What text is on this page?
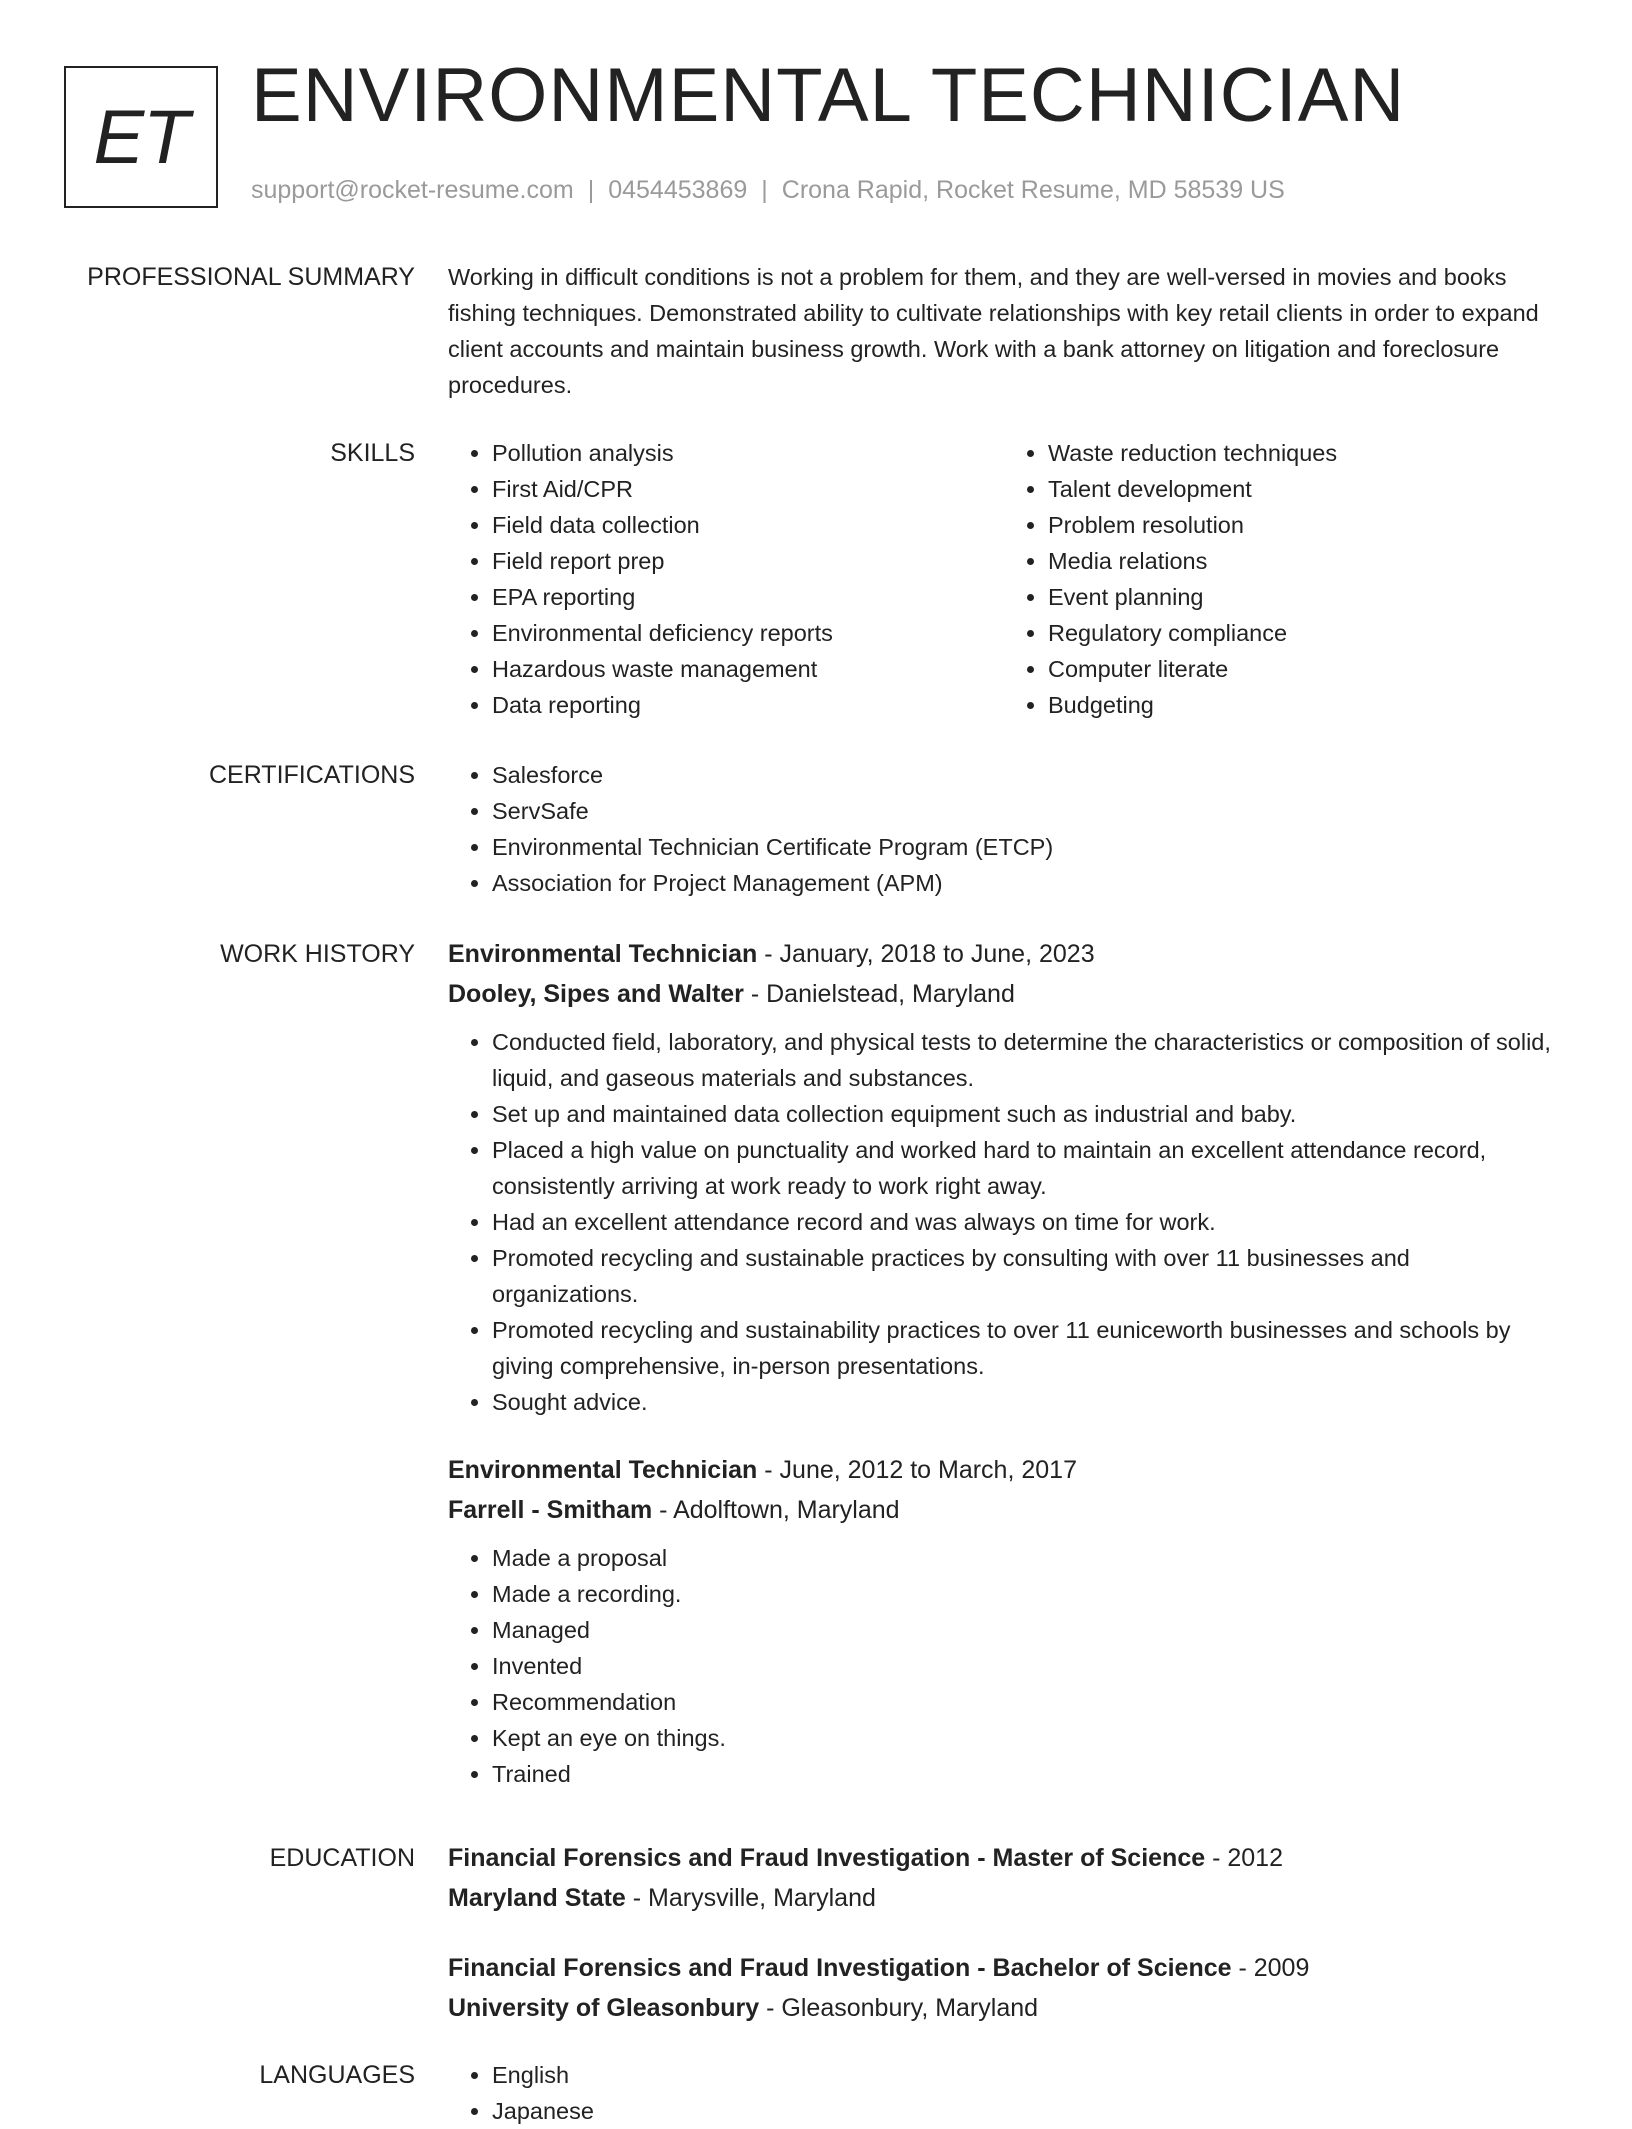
ET ENVIRONMENTAL TECHNICIAN
support@rocket-resume.com | 0454453869 | Crona Rapid, Rocket Resume, MD 58539 US
PROFESSIONAL SUMMARY Working in difficult conditions is not a problem for them, and they are well-versed in movies and books fishing techniques. Demonstrated ability to cultivate relationships with key retail clients in order to expand client accounts and maintain business growth. Work with a bank attorney on litigation and foreclosure procedures.

SKILLS	• Pollution analysis
• First Aid/CPR
• Field data collection
• Field report prep
• EPA reporting
• Environmental deficiency reports
• Hazardous waste management
• Data reporting
• Waste reduction techniques
• Talent development
• Problem resolution
• Media relations
• Event planning
• Regulatory compliance
• Computer literate
• Budgeting
CERTIFICATIONS	• Salesforce
• ServSafe
• Environmental Technician Certificate Program (ETCP)
• Association for Project Management (APM)
WORK HISTORY Environmental Technician - January, 2018 to June, 2023
Dooley, Sipes and Walter - Danielstead, Maryland
• Conducted field, laboratory, and physical tests to determine the characteristics or composition of solid, liquid, and gaseous materials and substances.
• Set up and maintained data collection equipment such as industrial and baby.
• Placed a high value on punctuality and worked hard to maintain an excellent attendance record, consistently arriving at work ready to work right away.
• Had an excellent attendance record and was always on time for work.
• Promoted recycling and sustainable practices by consulting with over 11 businesses and organizations.
• Promoted recycling and sustainability practices to over 11 euniceworth businesses and schools by giving comprehensive, in-person presentations.
• Sought advice.
Environmental Technician - June, 2012 to March, 2017
Farrell - Smitham - Adolftown, Maryland
• Made a proposal
• Made a recording.
• Managed
• Invented
• Recommendation
• Kept an eye on things.
• Trained
EDUCATION Financial Forensics and Fraud Investigation - Master of Science - 2012
Maryland State - Marysville, Maryland
Financial Forensics and Fraud Investigation - Bachelor of Science - 2009
University of Gleasonbury - Gleasonbury, Maryland
LANGUAGES	• English
• Japanese
